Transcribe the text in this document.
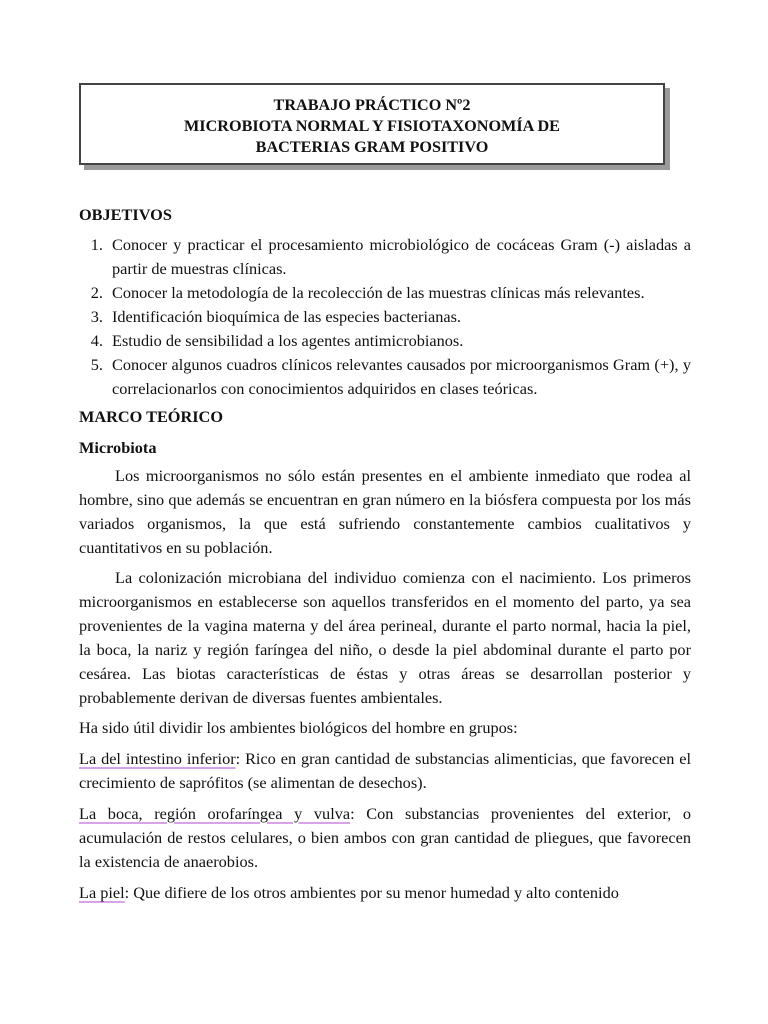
TRABAJO PRÁCTICO Nº2
MICROBIOTA NORMAL Y FISIOTAXONOMÍA DE
BACTERIAS GRAM POSITIVO
OBJETIVOS
1. Conocer y practicar el procesamiento microbiológico de cocáceas Gram (-) aisladas a partir de muestras clínicas.
2. Conocer la metodología de la recolección de las muestras clínicas más relevantes.
3. Identificación bioquímica de las especies bacterianas.
4. Estudio de sensibilidad a los agentes antimicrobianos.
5. Conocer algunos cuadros clínicos relevantes causados por microorganismos Gram (+), y correlacionarlos con conocimientos adquiridos en clases teóricas.
MARCO TEÓRICO
Microbiota

Los microorganismos no sólo están presentes en el ambiente inmediato que rodea al hombre, sino que además se encuentran en gran número en la biósfera compuesta por los más variados organismos, la que está sufriendo constantemente cambios cualitativos y cuantitativos en su población.

La colonización microbiana del individuo comienza con el nacimiento. Los primeros microorganismos en establecerse son aquellos transferidos en el momento del parto, ya sea provenientes de la vagina materna y del área perineal, durante el parto normal, hacia la piel, la boca, la nariz y región faríngea del niño, o desde la piel abdominal durante el parto por cesárea. Las biotas características de éstas y otras áreas se desarrollan posterior y probablemente derivan de diversas fuentes ambientales.

Ha sido útil dividir los ambientes biológicos del hombre en grupos:

La del intestino inferior: Rico en gran cantidad de substancias alimenticias, que favorecen el crecimiento de saprófitos (se alimentan de desechos).

La boca, región orofaríngea y vulva: Con substancias provenientes del exterior, o acumulación de restos celulares, o bien ambos con gran cantidad de pliegues, que favorecen la existencia de anaerobios.

La piel: Que difiere de los otros ambientes por su menor humedad y alto contenido
